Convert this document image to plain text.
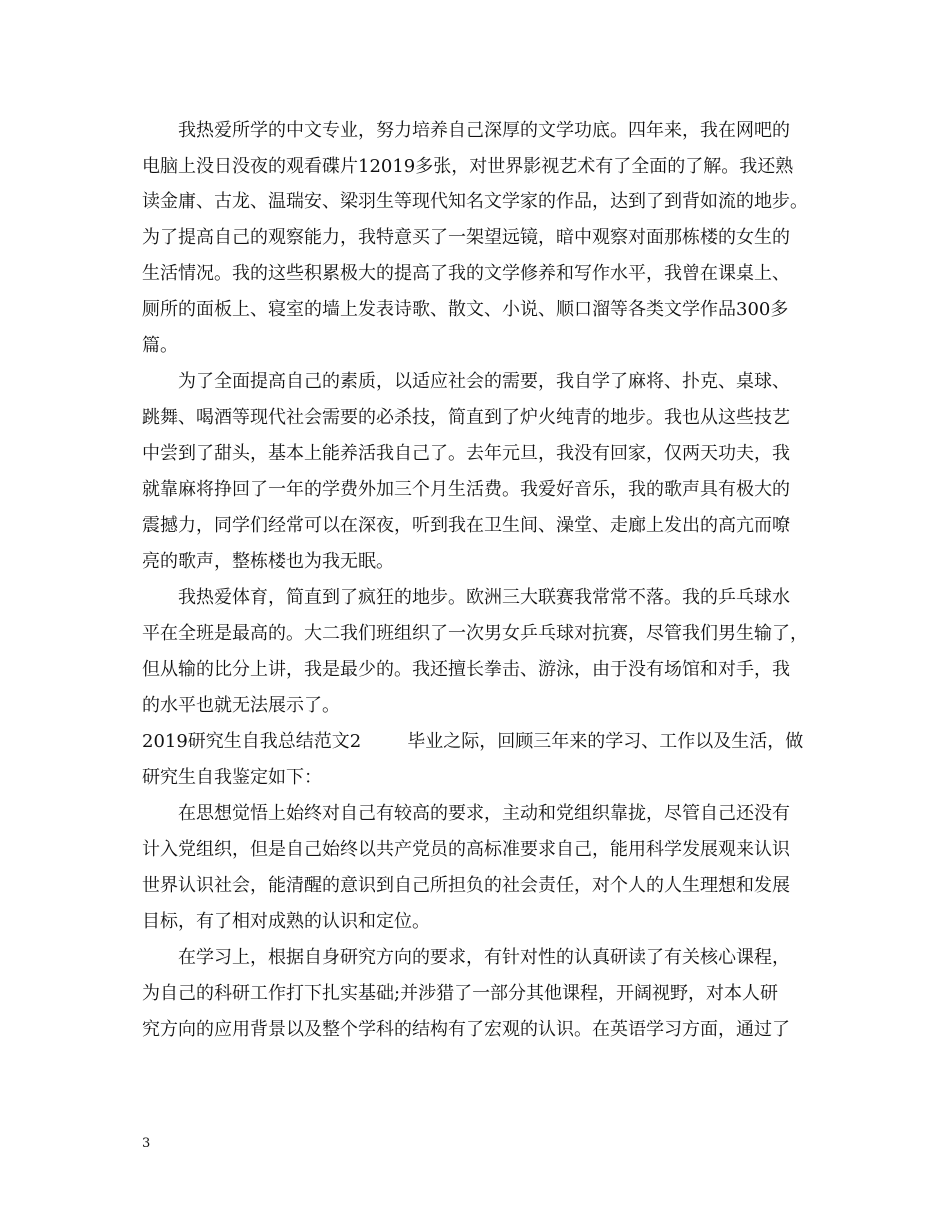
我热爱所学的中文专业，努力培养自己深厚的文学功底。四年来，我在网吧的
电脑上没日没夜的观看碟片12019多张，对世界影视艺术有了全面的了解。我还熟
读金庸、古龙、温瑞安、梁羽生等现代知名文学家的作品，达到了到背如流的地步。
为了提高自己的观察能力，我特意买了一架望远镜，暗中观察对面那栋楼的女生的
生活情况。我的这些积累极大的提高了我的文学修养和写作水平，我曾在课桌上、
厕所的面板上、寝室的墙上发表诗歌、散文、小说、顺口溜等各类文学作品300多
篇。
为了全面提高自己的素质，以适应社会的需要，我自学了麻将、扑克、桌球、
跳舞、喝酒等现代社会需要的必杀技，简直到了炉火纯青的地步。我也从这些技艺
中尝到了甜头，基本上能养活我自己了。去年元旦，我没有回家，仅两天功夫，我
就靠麻将挣回了一年的学费外加三个月生活费。我爱好音乐，我的歌声具有极大的
震撼力，同学们经常可以在深夜，听到我在卫生间、澡堂、走廊上发出的高亢而嘹
亮的歌声，整栋楼也为我无眠。
我热爱体育，简直到了疯狂的地步。欧洲三大联赛我常常不落。我的乒乓球水
平在全班是最高的。大二我们班组织了一次男女乒乓球对抗赛，尽管我们男生输了，
但从输的比分上讲，我是最少的。我还擅长拳击、游泳，由于没有场馆和对手，我
的水平也就无法展示了。
2019研究生自我总结范文2	毕业之际，回顾三年来的学习、工作以及生活，做
研究生自我鉴定如下：
在思想觉悟上始终对自己有较高的要求，主动和党组织靠拢，尽管自己还没有
计入党组织，但是自己始终以共产党员的高标准要求自己，能用科学发展观来认识
世界认识社会，能清醒的意识到自己所担负的社会责任，对个人的人生理想和发展
目标，有了相对成熟的认识和定位。
在学习上，根据自身研究方向的要求，有针对性的认真研读了有关核心课程，
为自己的科研工作打下扎实基础;并涉猎了一部分其他课程，开阔视野，对本人研
究方向的应用背景以及整个学科的结构有了宏观的认识。在英语学习方面，通过了
3
